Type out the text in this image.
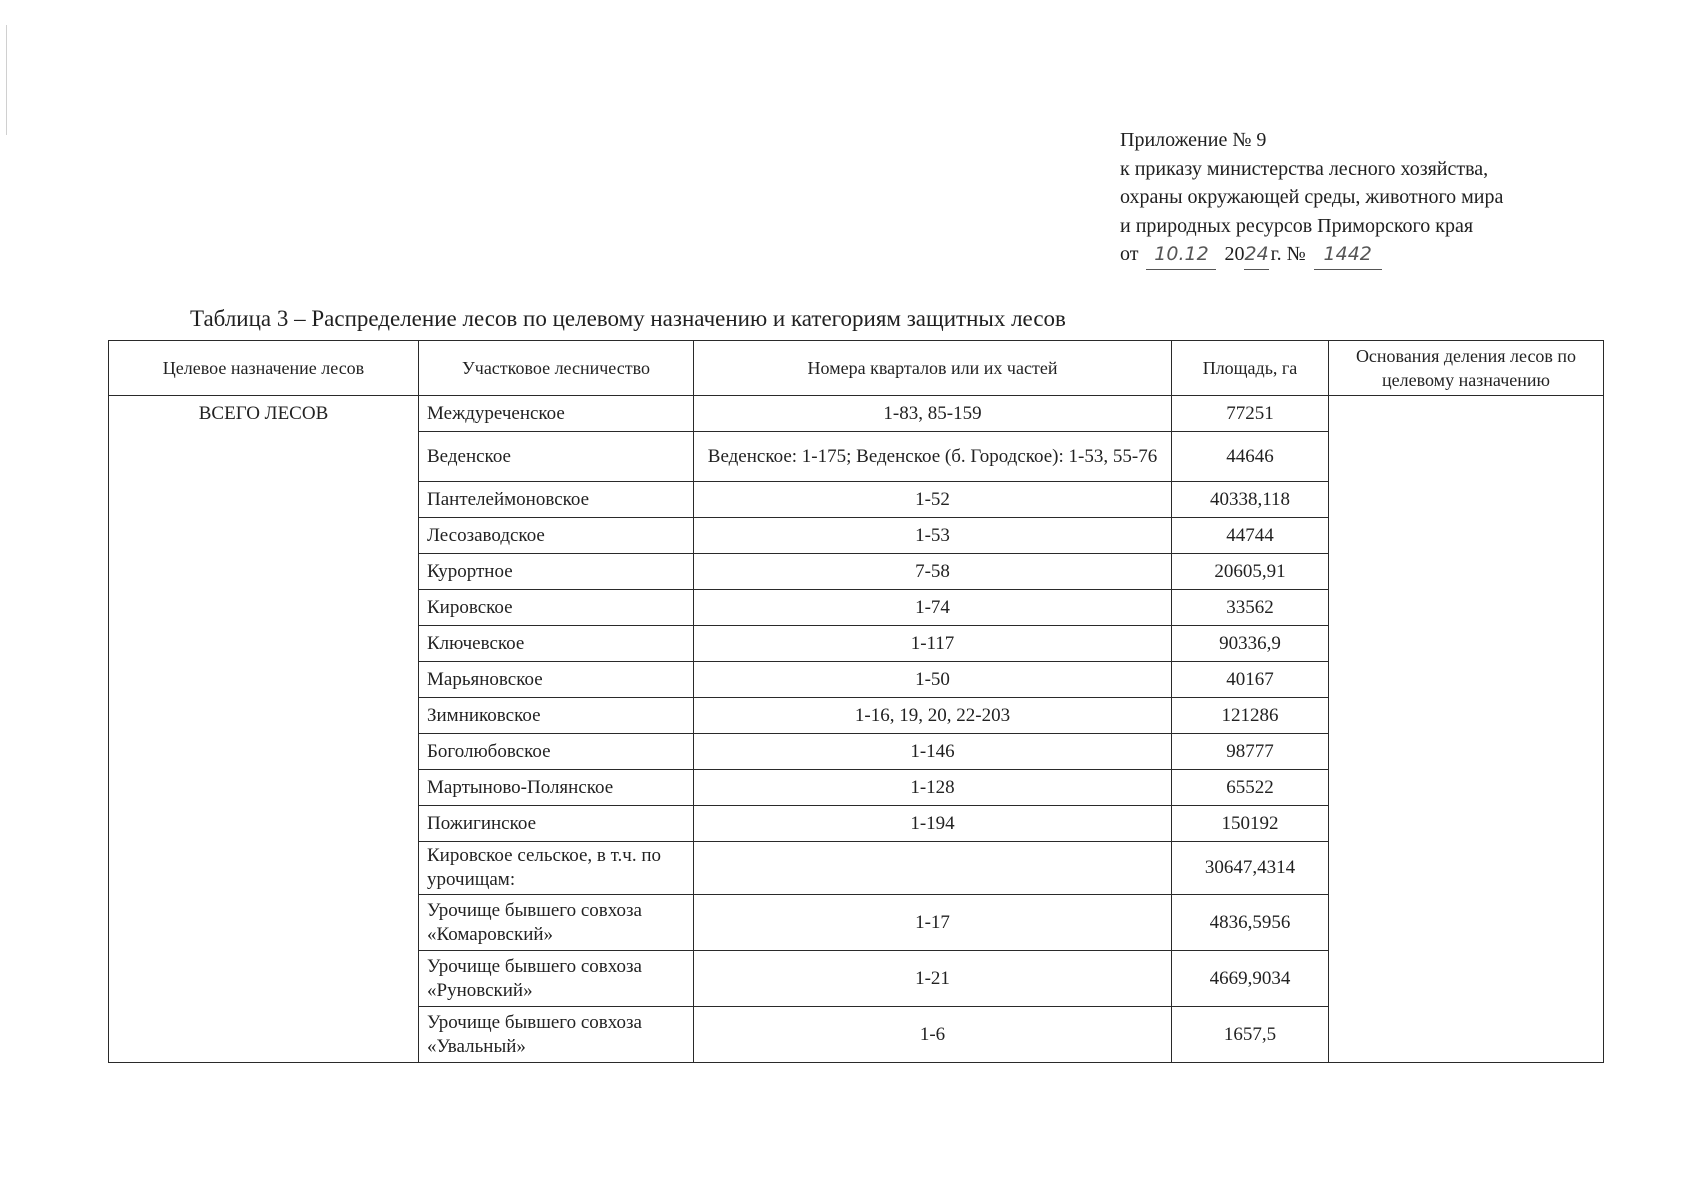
Приложение № 9
к приказу министерства лесного хозяйства,
охраны окружающей среды, животного мира
и природных ресурсов Приморского края
от 10.12 2024 г. № 1442
Таблица 3 – Распределение лесов по целевому назначению и категориям защитных лесов
Целевое назначение лесов	Участковое лесничество	Номера кварталов или их частей	Площадь, га	Основания деления лесов по целевому назначению
ВСЕГО ЛЕСОВ	Междуреченское	1-83, 85-159	77251	
	Веденское	Веденское: 1-175; Веденское (б. Городское): 1-53, 55-76	44646	
	Пантелеймоновское	1-52	40338,118	
	Лесозаводское	1-53	44744	
	Курортное	7-58	20605,91	
	Кировское	1-74	33562	
	Ключевское	1-117	90336,9	
	Марьяновское	1-50	40167	
	Зимниковское	1-16, 19, 20, 22-203	121286	
	Боголюбовское	1-146	98777	
	Мартыново-Полянское	1-128	65522	
	Пожигинское	1-194	150192	
	Кировское сельское, в т.ч. по урочищам:		30647,4314	
	Урочище бывшего совхоза «Комаровский»	1-17	4836,5956	
	Урочище бывшего совхоза «Руновский»	1-21	4669,9034	
	Урочище бывшего совхоза «Увальный»	1-6	1657,5	
